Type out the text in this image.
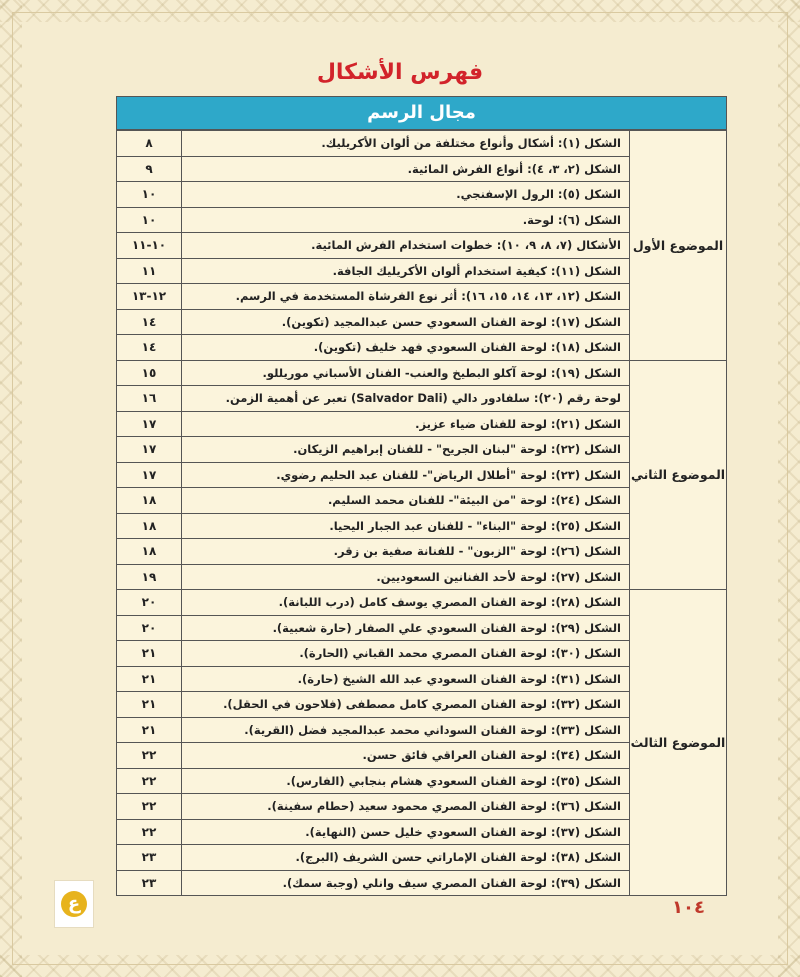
فهرس الأشكال
مجال الرسم
الموضوع الأول	الشكل (١): أشكال وأنواع مختلفة من ألوان الأكريليك.	٨
	الشكل (٢، ٣، ٤): أنواع الفرش المائية.	٩
	الشكل (٥): الرول الإسفنجي.	١٠
	الشكل (٦): لوحة.	١٠
	الأشكال (٧، ٨، ٩، ١٠): خطوات استخدام الفرش المائية.	١٠-١١
	الشكل (١١): كيفية استخدام ألوان الأكريليك الجافة.	١١
	الشكل (١٢، ١٣، ١٤، ١٥، ١٦): أثر نوع الفرشاة المستخدمة في الرسم.	١٢-١٣
	الشكل (١٧): لوحة الفنان السعودي حسن عبدالمجيد (تكوين).	١٤
	الشكل (١٨): لوحة الفنان السعودي فهد خليف (تكوين).	١٤
الموضوع الثاني	الشكل (١٩): لوحة آكلو البطيخ والعنب- الفنان الأسباني موريللو.	١٥
	لوحة رقم (٢٠): سلفادور دالي (Salvador Dali) تعبر عن أهمية الزمن.	١٦
	الشكل (٢١): لوحة للفنان ضياء عزيز.	١٧
	الشكل (٢٢): لوحة "لبنان الجريح" - للفنان إبراهيم الزيكان.	١٧
	الشكل (٢٣): لوحة "أطلال الرياض"- للفنان عبد الحليم رضوي.	١٧
	الشكل (٢٤): لوحة "من البيئة"- للفنان محمد السليم.	١٨
	الشكل (٢٥): لوحة "البناء" - للفنان عبد الجبار اليحيا.	١٨
	الشكل (٢٦): لوحة "الزبون" - للفنانة صفية بن زقر.	١٨
	الشكل (٢٧): لوحة لأحد الفنانين السعوديين.	١٩
الموضوع الثالث	الشكل (٢٨): لوحة الفنان المصري يوسف كامل (درب اللبانة).	٢٠
	الشكل (٢٩): لوحة الفنان السعودي علي الصفار (حارة شعبية).	٢٠
	الشكل (٣٠): لوحة الفنان المصري محمد القباني (الحارة).	٢١
	الشكل (٣١): لوحة الفنان السعودي عبد الله الشيخ (حارة).	٢١
	الشكل (٣٢): لوحة الفنان المصري كامل مصطفى (فلاحون في الحقل).	٢١
	الشكل (٣٣): لوحة الفنان السوداني محمد عبدالمجيد فضل (القرية).	٢١
	الشكل (٣٤): لوحة الفنان العراقي فائق حسن.	٢٢
	الشكل (٣٥): لوحة الفنان السعودي هشام بنجابي (الفارس).	٢٢
	الشكل (٣٦): لوحة الفنان المصري محمود سعيد (حطام سفينة).	٢٢
	الشكل (٣٧): لوحة الفنان السعودي خليل حسن (النهاية).	٢٢
	الشكل (٣٨): لوحة الفنان الإماراتي حسن الشريف (البرج).	٢٣
	الشكل (٣٩): لوحة الفنان المصري سيف وانلي (وجبة سمك).	٢٣
ع	١٠٤
